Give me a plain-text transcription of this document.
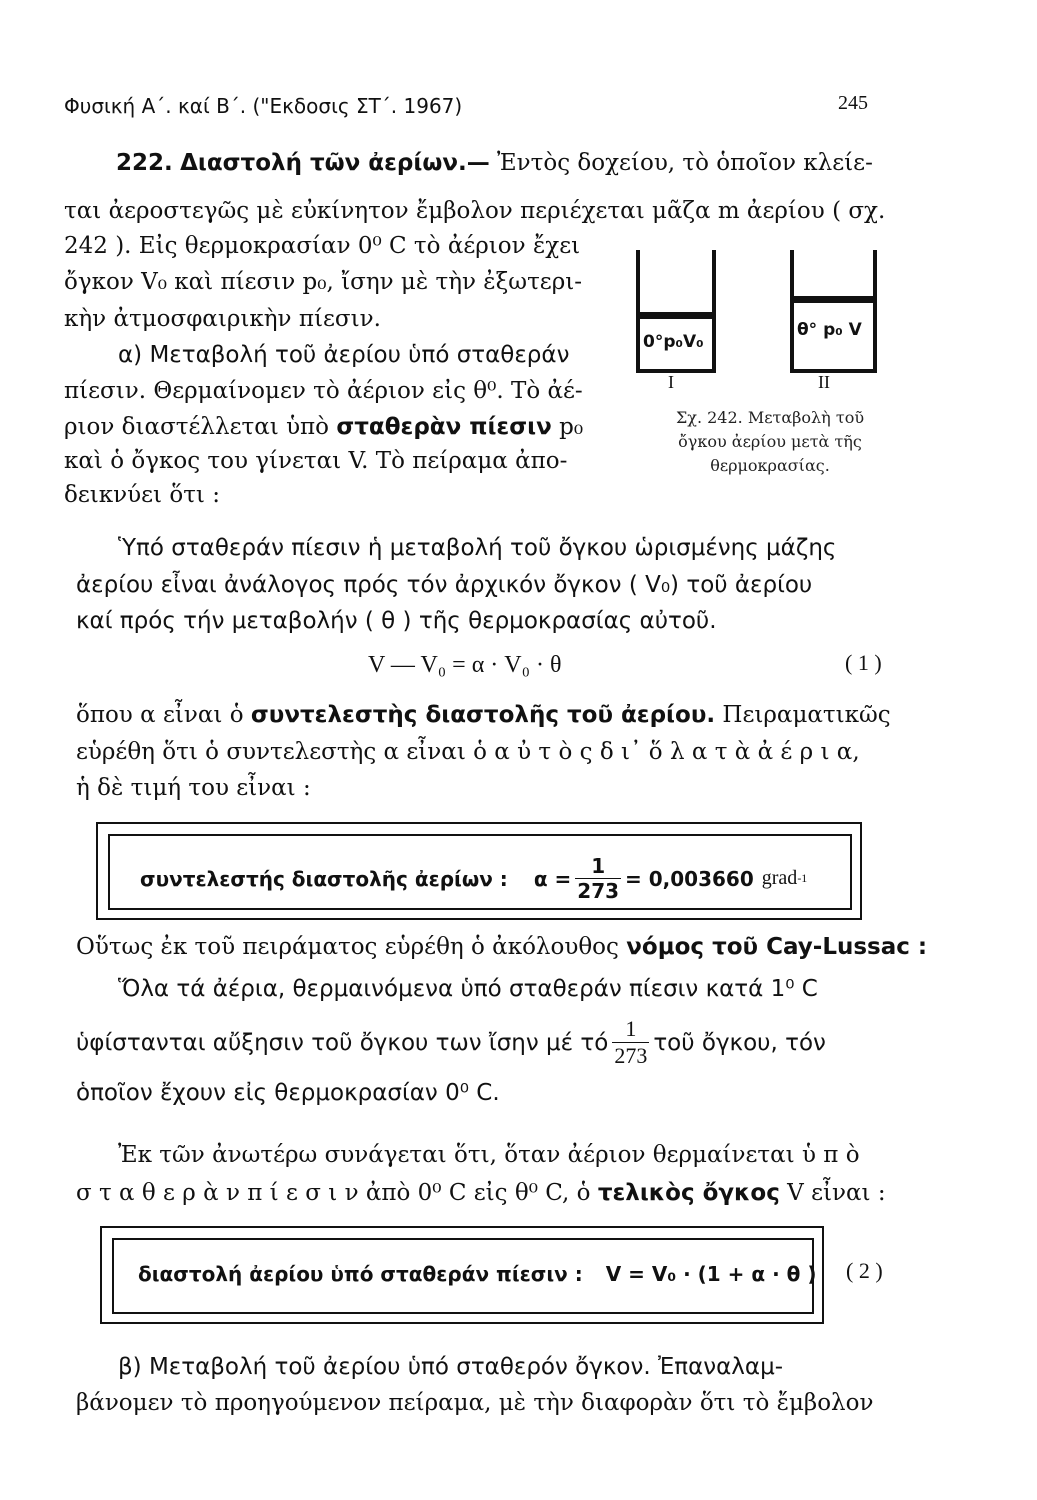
Φυσική Α΄. καί Β΄. ("Εκδοσις ΣΤ΄. 1967)	245
222. Διαστολή τῶν ἀερίων.— Ἐντὸς δοχείου, τὸ ὁποῖον κλείε-
ται ἀεροστεγῶς μὲ εὐκίνητον ἔμβολον περιέχεται μᾶζα m ἀερίου ( σχ.
242 ). Εἰς θερμοκρασίαν 0⁰ C τὸ ἀέριον ἔχει
ὄγκον V₀ καὶ πίεσιν p₀, ἴσην μὲ τὴν ἐξωτερι-
κὴν ἀτμοσφαιρικὴν πίεσιν.
α) Μεταβολή τοῦ ἀερίου ὑπό σταθεράν
πίεσιν. Θερμαίνομεν τὸ ἀέριον εἰς θ⁰. Τὸ ἀέ-
ριον διαστέλλεται ὑπὸ σταθερὰν πίεσιν p₀
καὶ ὁ ὄγκος του γίνεται V. Τὸ πείραμα ἀπο-
δεικνύει ὅτι :
0°p₀V₀
θ° p₀ V
I	II
Σχ. 242. Μεταβολὴ τοῦ
ὄγκου ἀερίου μετὰ τῆς
θερμοκρασίας.
Ὑπό σταθεράν πίεσιν ἡ μεταβολή τοῦ ὄγκου ὡρισμένης μάζης
ἀερίου εἶναι ἀνάλογος πρός τόν ἀρχικόν ὄγκον ( V₀) τοῦ ἀερίου
καί πρός τήν μεταβολήν ( θ ) τῆς θερμοκρασίας αὐτοῦ.
V — V₀ = α · V₀ · θ	( 1 )
ὅπου α εἶναι ὁ συντελεστὴς διαστολῆς τοῦ ἀερίου. Πειραματικῶς
εὑρέθη ὅτι ὁ συντελεστὴς α εἶναι ὁ α ὐ τ ὸ ς δ ι᾽ ὅ λ α τ ὰ ἀ έ ρ ι α,
ἡ δὲ τιμή του εἶναι :
συντελεστής διαστολῆς ἀερίων : $\alpha = \frac{1}{273} = 0,003660$ grad -1
Οὕτως ἐκ τοῦ πειράματος εὑρέθη ὁ ἀκόλουθος νόμος τοῦ Cay-Lussac :
Ὅλα τά ἀέρια, θερμαινόμενα ὑπό σταθεράν πίεσιν κατά 1⁰ C
ὑφίστανται αὔξησιν τοῦ ὄγκου των ἴσην μέ τό $\frac{1}{273}$ τοῦ ὄγκου, τόν
ὁποῖον ἔχουν εἰς θερμοκρασίαν 0⁰ C.
Ἐκ τῶν ἀνωτέρω συνάγεται ὅτι, ὅταν ἀέριον θερμαίνεται ὑ π ὸ
σ τ α θ ε ρ ὰ ν π ί ε σ ι ν ἀπὸ 0⁰ C εἰς θ⁰ C, ὁ τελικὸς ὄγκος V εἶναι :
διαστολή ἀερίου ὑπό σταθεράν πίεσιν : V = V₀ · (1 + α · θ ) ( 2 )
β) Μεταβολή τοῦ ἀερίου ὑπό σταθερόν ὄγκον. Ἐπαναλαμ-
βάνομεν τὸ προηγούμενον πείραμα, μὲ τὴν διαφορὰν ὅτι τὸ ἔμβολον
